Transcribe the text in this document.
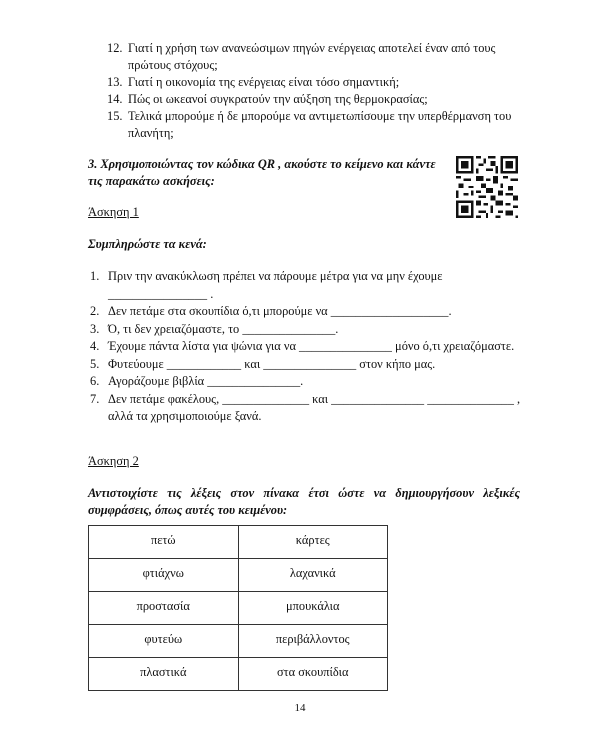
12. Γιατί η χρήση των ανανεώσιμων πηγών ενέργειας αποτελεί έναν από τους πρώτους στόχους;
13. Γιατί η οικονομία της ενέργειας είναι τόσο σημαντική;
14. Πώς οι ωκεανοί συγκρατούν την αύξηση της θερμοκρασίας;
15. Τελικά μπορούμε ή δε μπορούμε να αντιμετωπίσουμε την υπερθέρμανση του πλανήτη;
3. Χρησιμοποιώντας τον κώδικα QR , ακούστε το κείμενο και κάντε
τις παρακάτω ασκήσεις:
Άσκηση 1
Συμπληρώστε τα κενά:
1. Πριν την ανακύκλωση πρέπει να πάρουμε μέτρα για να μην έχουμε ________________ .
2. Δεν πετάμε στα σκουπίδια ό,τι μπορούμε να ___________________.
3. Ό, τι δεν χρειαζόμαστε, το _______________.
4. Έχουμε πάντα λίστα για ψώνια για να _______________ μόνο ό,τι χρειαζόμαστε.
5. Φυτεύουμε ____________ και _______________ στον κήπο μας.
6. Αγοράζουμε βιβλία _______________.
7. Δεν πετάμε φακέλους, ______________ και _______________ ______________ , αλλά τα χρησιμοποιούμε ξανά.
Άσκηση 2
Αντιστοιχίστε τις λέξεις στον πίνακα έτσι ώστε να δημιουργήσουν λεξικές συμφράσεις, όπως αυτές του κειμένου:
πετώ	κάρτες
φτιάχνω	λαχανικά
προστασία	μπουκάλια
φυτεύω	περιβάλλοντος
πλαστικά	στα σκουπίδια
14
